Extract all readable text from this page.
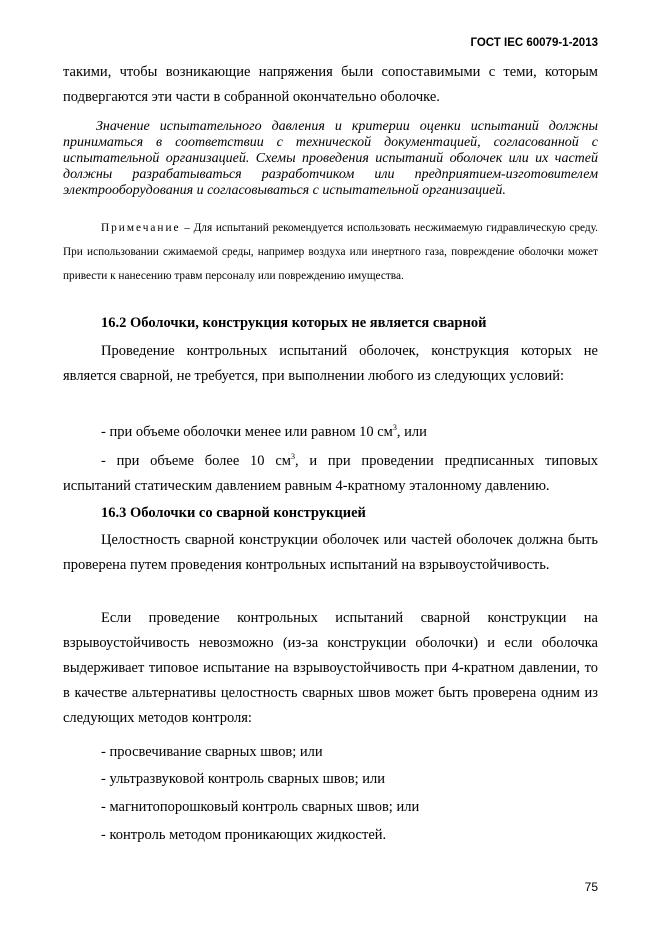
ГОСТ IEC 60079-1-2013

такими, чтобы возникающие напряжения были сопоставимыми с теми, которым подвергаются эти части в собранной окончательно оболочке.

Значение испытательного давления и критерии оценки испытаний должны приниматься в соответствии с технической документацией, согласованной с испытательной организацией. Схемы проведения испытаний оболочек или их частей должны разрабатываться разработчиком или предприятием-изготовителем электрооборудования и согласовываться с испытательной организацией.

Примечание – Для испытаний рекомендуется использовать несжимаемую гидравлическую среду. При использовании сжимаемой среды, например воздуха или инертного газа, повреждение оболочки может привести к нанесению травм персоналу или повреждению имущества.

16.2 Оболочки, конструкция которых не является сварной

Проведение контрольных испытаний оболочек, конструкция которых не является сварной, не требуется, при выполнении любого из следующих условий:

- при объеме оболочки менее или равном 10 $см^3$, или

- при объеме более 10 $см^3$, и при проведении предписанных типовых испытаний статическим давлением равным 4-кратному эталонному давлению.

16.3 Оболочки со сварной конструкцией

Целостность сварной конструкции оболочек или частей оболочек должна быть проверена путем проведения контрольных испытаний на взрывоустойчивость.

Если проведение контрольных испытаний сварной конструкции на взрывоустойчивость невозможно (из-за конструкции оболочки) и если оболочка выдерживает типовое испытание на взрывоустойчивость при 4-кратном давлении, то в качестве альтернативы целостность сварных швов может быть проверена одним из следующих методов контроля:

- просвечивание сварных швов; или

- ультразвуковой контроль сварных швов; или

- магнитопорошковый контроль сварных швов; или

- контроль методом проникающих жидкостей.

75
